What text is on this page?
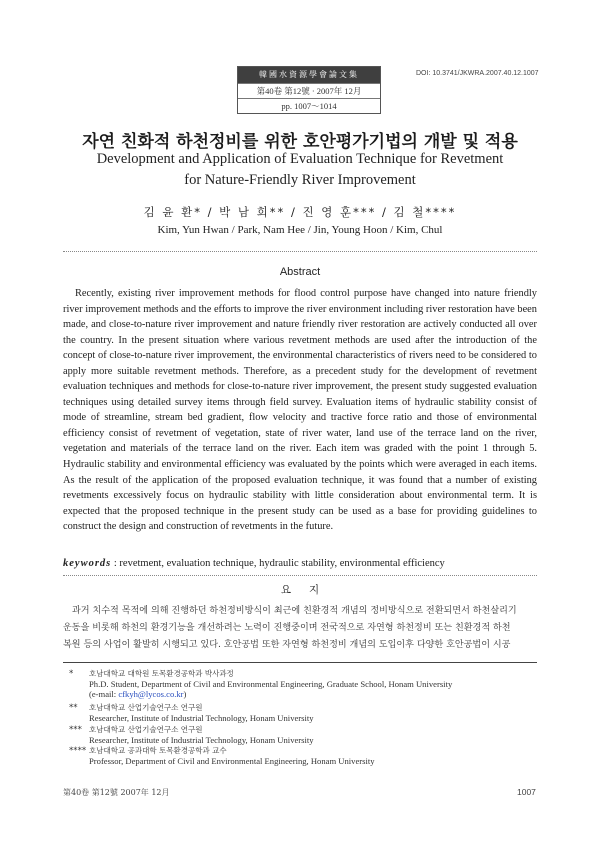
韓國水資源學會論文集
第40卷 第12號 · 2007年 12月
pp. 1007～1014
DOI: 10.3741/JKWRA.2007.40.12.1007
자연 친화적 하천정비를 위한 호안평가기법의 개발 및 적용
Development and Application of Evaluation Technique for Revetment
for Nature-Friendly River Improvement
김 윤 환* / 박 남 희** / 진 영 훈*** / 김 철****
Kim, Yun Hwan / Park, Nam Hee / Jin, Young Hoon / Kim, Chul
Abstract

Recently, existing river improvement methods for flood control purpose have changed into nature friendly river improvement methods and the efforts to improve the river environment including river restoration have been made, and close-to-nature river improvement and nature friendly river restoration are actively conducted all over the country. In the present situation where various revetment methods are used after the introduction of the concept of close-to-nature river improvement, the environmental characteristics of rivers need to be considered to apply more suitable revetment methods. Therefore, as a precedent study for the development of revetment evaluation techniques and methods for close-to-nature river improvement, the present study suggested evaluation techniques using detailed survey items through field survey. Evaluation items of hydraulic stability consist of mode of streamline, stream bed gradient, flow velocity and tractive force ratio and those of environmental efficiency consist of revetment of vegetation, state of river water, land use of the terrace land on the river, vegetation and materials of the terrace land on the river. Each item was graded with the point 1 through 5. Hydraulic stability and environmental efficiency was evaluated by the points which were averaged in each items. As the result of the application of the proposed evaluation technique, it was found that a number of existing revetments excessively focus on hydraulic stability with little consideration about environmental term. It is expected that the proposed technique in the present study can be used as a base for providing guidelines to construct the design and construction of revetments in the future.

keywords : revetment, evaluation technique, hydraulic stability, environmental efficiency
요지

과거 치수적 목적에 의해 진행하던 하천정비방식이 최근에 친환경적 개념의 정비방식으로 전환되면서 하천살리기
운동을 비롯해 하천의 환경기능을 개선하려는 노력이 진행중이며 전국적으로 자연형 하천정비 또는 친환경적 하천
복원 등의 사업이 활발히 시행되고 있다. 호안공법 또한 자연형 하천정비 개념의 도입이후 다양한 호안공법이 시공

* 호남대학교 대학원 토목환경공학과 박사과정
Ph.D. Student, Department of Civil and Environmental Engineering, Graduate School, Honam University
(e-mail: cfkyh@lycos.co.kr)
** 호남대학교 산업기술연구소 연구원
Researcher, Institute of Industrial Technology, Honam University
*** 호남대학교 산업기술연구소 연구원
Researcher, Institute of Industrial Technology, Honam University
**** 호남대학교 공과대학 토목환경공학과 교수
Professor, Department of Civil and Environmental Engineering, Honam University
第40卷 第12號 2007年 12月	1007
